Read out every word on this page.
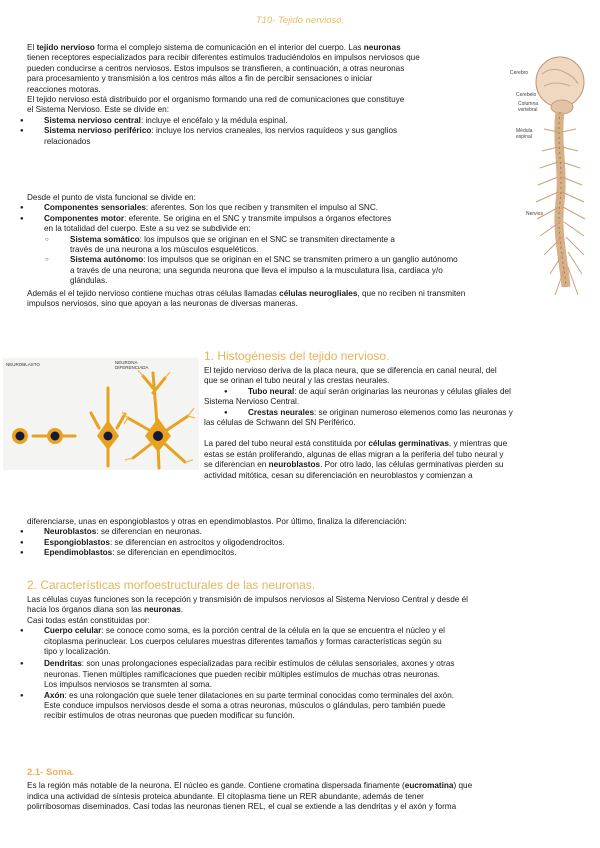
T10- Tejido nervioso.

El tejido nervioso forma el complejo sistema de comunicación en el interior del cuerpo. Las neuronas

tienen receptores especializados para recibir diferentes estímulos traduciéndolos en impulsos nerviosos que

pueden conducirse a centros nerviosos. Estos impulsos se transfieren, a continuación, a otras neuronas

para procesamiento y transmisión a los centros más altos a fin de percibir sensaciones o iniciar

reacciones motoras.

El tejido nervioso está distribuido por el organismo formando una red de comunicaciones que constituye

el Sistema Nervioso. Este se divide en:

● Sistema nervioso central: incluye el encéfalo y la médula espinal.
● Sistema nervioso periférico: incluye los nervios craneales, los nervios raquídeos y sus ganglios
relacionados

Desde el punto de vista funcional se divide en:

● Componentes sensoriales: aferentes. Son los que reciben y transmiten el impulso al SNC.
● Componentes motor: eferente. Se origina en el SNC y transmite impulsos a órganos efectores
en la totalidad del cuerpo. Este a su vez se subdivide en:
○ Sistema somático: los impulsos que se originan en el SNC se transmiten directamente a
través de una neurona a los músculos esqueléticos.
○ Sistema autónomo: los impulsos que se originan en el SNC se transmiten primero a un ganglio autónomo
a través de una neurona; una segunda neurona que lleva el impulso a la musculatura lisa, cardiaca y/o
glándulas.

Además el el tejido nervioso contiene muchas otras células llamadas células neurogliales, que no reciben ni transmiten

impulsos nerviosos, sino que apoyan a las neuronas de diversas maneras.

Cerebro
Cerebelo
Columna
vertebral
Médula
espinal
Nervios
NEUROBLASTO	NEURONA
DIFERENCIADA
1. Histogénesis del tejido nervioso.

El tejido nervioso deriva de la placa neura, que se diferencia en canal neural, del

que se orinan el tubo neural y las crestas neurales.

● Tubo neural: de aquí serán originarias las neuronas y células gliales del

Sistema Nervioso Central.

● Crestas neurales: se originan numeroso elemenos como las neuronas y

las células de Schwann del SN Periférico.

La pared del tubo neural está constituida por células germinativas, y mientras que

estas se están proliferando, algunas de ellas migran a la periferia del tubo neural y

se diferencian en neuroblastos. Por otro lado, las células germinativas pierden su

actividad mitótica, cesan su diferenciación en neuroblastos y comienzan a

diferenciarse, unas en espongioblastos y otras en ependimoblastos. Por último, finaliza la diferenciación:

● Neuroblastos: se diferencian en neuronas.
● Espongioblastos: se diferencian en astrocitos y oligodendrocitos.
● Ependimoblastos: se diferencian en ependimocitos.
2. Características morfoestructurales de las neuronas.

Las células cuyas funciones son la recepción y transmisión de impulsos nerviosos al Sistema Nervioso Central y desde él

hacia los órganos diana son las neuronas.

Casi todas están constituidas por:

● Cuerpo celular: se conoce como soma, es la porción central de la célula en la que se encuentra el núcleo y el
citoplasma perinuclear. Los cuerpos celulares muestras diferentes tamaños y formas características según su
tipo y localización.
● Dendritas: son unas prolongaciones especializadas para recibir estímulos de células sensoriales, axones y otras
neuronas. Tienen múltiples ramificaciones que pueden recibir múltiples estímulos de muchas otras neuronas.
Los impulsos nerviosos se transmten al soma.
● Axón: es una rolongación que suele tener dilataciones en su parte terminal conocidas como terminales del axón.
Este conduce impulsos nerviosos desde el soma a otras neuronas, músculos o glándulas, pero también puede
recibir estímulos de otras neuronas que pueden modificar su función.
2.1- Soma.

Es la región más notable de la neurona. El núcleo es gande. Contiene cromatina dispersada finamente (eucromatina) que

indica una actividad de síntesis proteica abundante. El citoplasma tiene un RER abundante, además de tener

polirribosomas diseminados. Casi todas las neuronas tienen REL, el cual se extiende a las dendritas y el axón y forma
